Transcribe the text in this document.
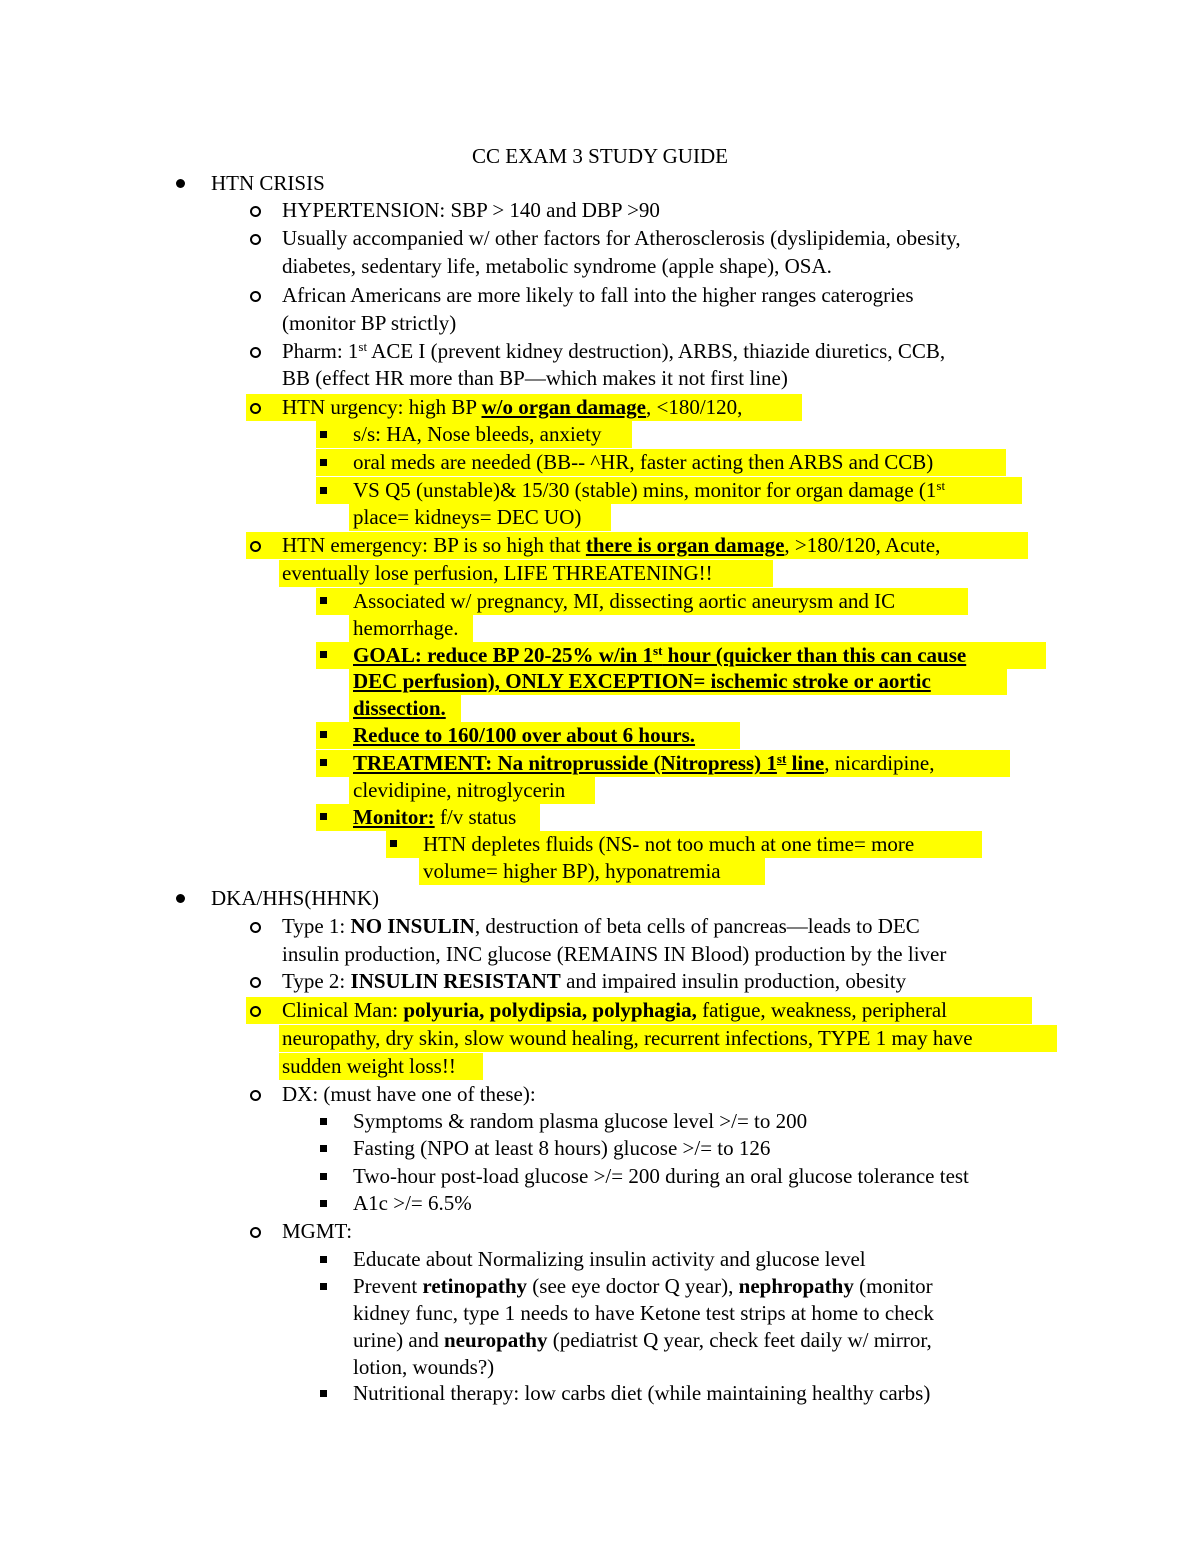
CC EXAM 3 STUDY GUIDE
HTN CRISIS
HYPERTENSION: SBP > 140 and DBP >90
Usually accompanied w/ other factors for Atherosclerosis (dyslipidemia, obesity,
diabetes, sedentary life, metabolic syndrome (apple shape), OSA.
African Americans are more likely to fall into the higher ranges caterogries
(monitor BP strictly)
Pharm: 1st ACE I (prevent kidney destruction), ARBS, thiazide diuretics, CCB,
BB (effect HR more than BP—which makes it not first line)
HTN urgency: high BP w/o organ damage, <180/120,
s/s: HA, Nose bleeds, anxiety
oral meds are needed (BB-- ^HR, faster acting then ARBS and CCB)
VS Q5 (unstable)& 15/30 (stable) mins, monitor for organ damage (1st
place= kidneys= DEC UO)
HTN emergency: BP is so high that there is organ damage, >180/120, Acute,
eventually lose perfusion, LIFE THREATENING!!
Associated w/ pregnancy, MI, dissecting aortic aneurysm and IC
hemorrhage.
GOAL: reduce BP 20-25% w/in 1st hour (quicker than this can cause
DEC perfusion), ONLY EXCEPTION= ischemic stroke or aortic
dissection.
Reduce to 160/100 over about 6 hours.
TREATMENT: Na nitroprusside (Nitropress) 1st line, nicardipine,
clevidipine, nitroglycerin
Monitor: f/v status
HTN depletes fluids (NS- not too much at one time= more
volume= higher BP), hyponatremia
DKA/HHS(HHNK)
Type 1: NO INSULIN, destruction of beta cells of pancreas—leads to DEC
insulin production, INC glucose (REMAINS IN Blood) production by the liver
Type 2: INSULIN RESISTANT and impaired insulin production, obesity
Clinical Man: polyuria, polydipsia, polyphagia, fatigue, weakness, peripheral
neuropathy, dry skin, slow wound healing, recurrent infections, TYPE 1 may have
sudden weight loss!!
DX: (must have one of these):
Symptoms & random plasma glucose level >/= to 200
Fasting (NPO at least 8 hours) glucose >/= to 126
Two-hour post-load glucose >/= 200 during an oral glucose tolerance test
A1c >/= 6.5%
MGMT:
Educate about Normalizing insulin activity and glucose level
Prevent retinopathy (see eye doctor Q year), nephropathy (monitor
kidney func, type 1 needs to have Ketone test strips at home to check
urine) and neuropathy (pediatrist Q year, check feet daily w/ mirror,
lotion, wounds?)
Nutritional therapy: low carbs diet (while maintaining healthy carbs)
